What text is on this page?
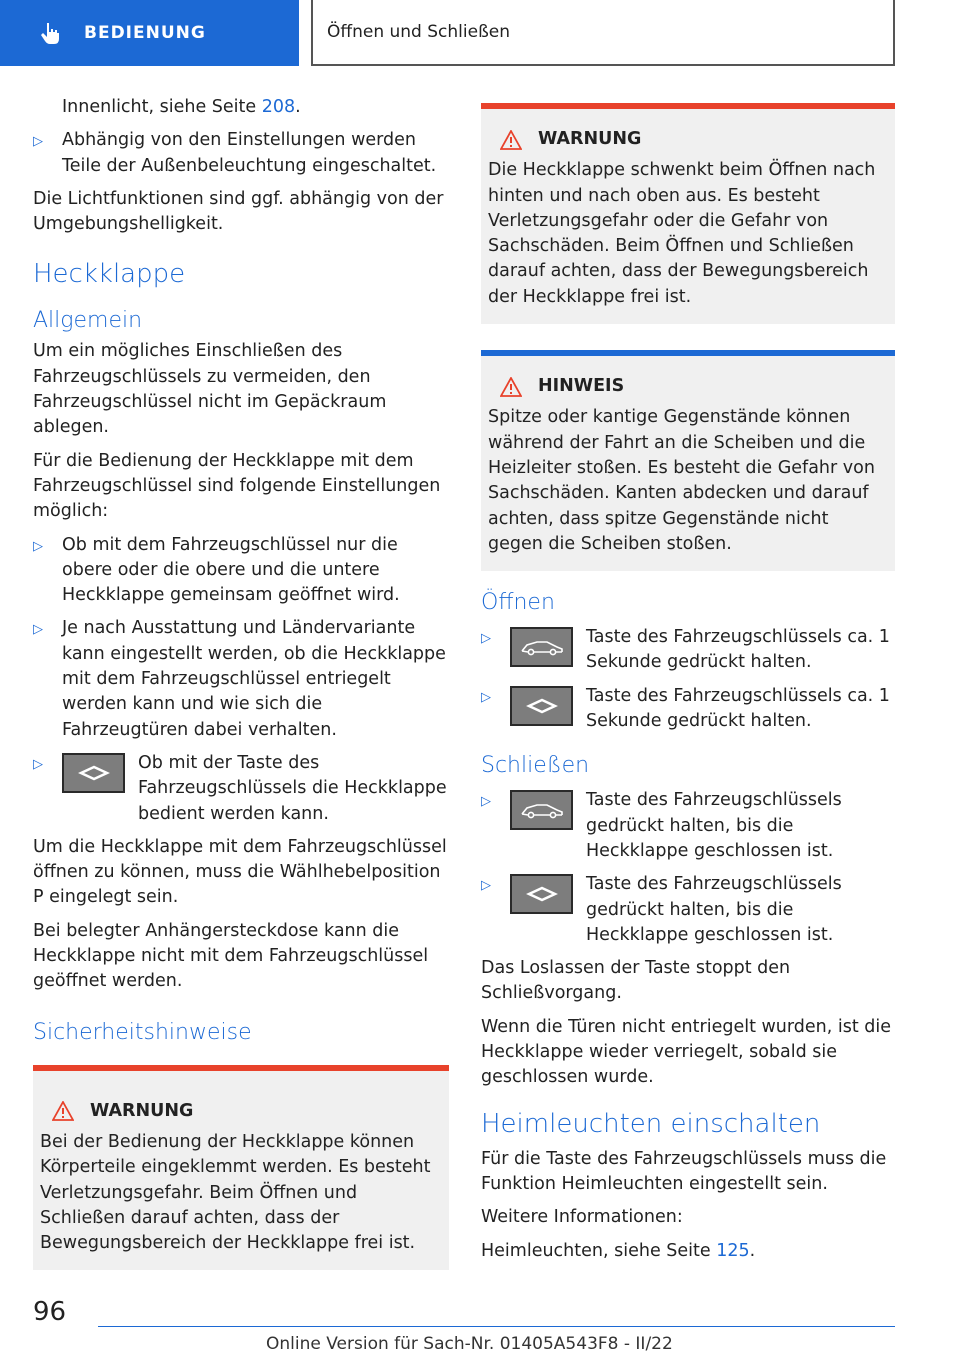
BEDIENUNG	Öffnen und Schließen

Innenlicht, siehe Seite 208.

▷ Abhängig von den Einstellungen werden Teile der Außenbeleuchtung eingeschaltet.

Die Lichtfunktionen sind ggf. abhängig von der Umgebungshelligkeit.

Heckklappe
Allgemein

Um ein mögliches Einschließen des Fahrzeugschlüssels zu vermeiden, den Fahrzeugschlüssel nicht im Gepäckraum ablegen.

Für die Bedienung der Heckklappe mit dem Fahrzeugschlüssel sind folgende Einstellungen möglich:

▷ Ob mit dem Fahrzeugschlüssel nur die obere oder die obere und die untere Heckklappe gemeinsam geöffnet wird.
▷ Je nach Ausstattung und Ländervariante kann eingestellt werden, ob die Heckklappe mit dem Fahrzeugschlüssel entriegelt werden kann und wie sich die Fahrzeugtüren dabei verhalten.
▷	Ob mit der Taste des Fahrzeugschlüssels die Heckklappe bedient werden kann.

Um die Heckklappe mit dem Fahrzeugschlüssel öffnen zu können, muss die Wählhebelposition P eingelegt sein.

Bei belegter Anhängersteckdose kann die Heckklappe nicht mit dem Fahrzeugschlüssel geöffnet werden.

Sicherheitshinweise
WARNUNG
Bei der Bedienung der Heckklappe können Körperteile eingeklemmt werden. Es besteht Verletzungsgefahr. Beim Öffnen und Schließen darauf achten, dass der Bewegungsbereich der Heckklappe frei ist.
WARNUNG
Die Heckklappe schwenkt beim Öffnen nach hinten und nach oben aus. Es besteht Verletzungsgefahr oder die Gefahr von Sachschäden. Beim Öffnen und Schließen darauf achten, dass der Bewegungsbereich der Heckklappe frei ist.
HINWEIS
Spitze oder kantige Gegenstände können während der Fahrt an die Scheiben und die Heizleiter stoßen. Es besteht die Gefahr von Sachschäden. Kanten abdecken und darauf achten, dass spitze Gegenstände nicht gegen die Scheiben stoßen.
Öffnen
▷	Taste des Fahrzeugschlüssels ca. 1 Sekunde gedrückt halten.
▷	Taste des Fahrzeugschlüssels ca. 1 Sekunde gedrückt halten.
Schließen
▷	Taste des Fahrzeugschlüssels gedrückt halten, bis die Heckklappe geschlossen ist.
▷	Taste des Fahrzeugschlüssels gedrückt halten, bis die Heckklappe geschlossen ist.

Das Loslassen der Taste stoppt den Schließvorgang.

Wenn die Türen nicht entriegelt wurden, ist die Heckklappe wieder verriegelt, sobald sie geschlossen wurde.

Heimleuchten einschalten

Für die Taste des Fahrzeugschlüssels muss die Funktion Heimleuchten eingestellt sein.

Weitere Informationen:

Heimleuchten, siehe Seite 125.

96
Online Version für Sach-Nr. 01405A543F8 - II/22
